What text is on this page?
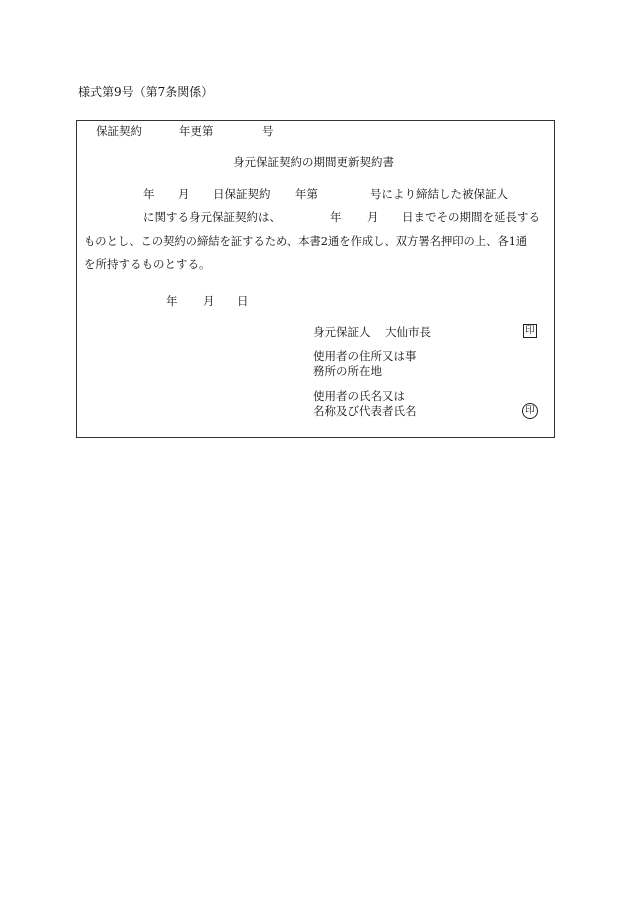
様式第9号（第7条関係）
保証契約	年更第	号
身元保証契約の期間更新契約書
年 月 日保証契約 年第	号により締結した被保証人
に関する身元保証契約は、	年 月 日までその期間を延長する
ものとし、この契約の締結を証するため、本書2通を作成し、双方署名押印の上、各1通
を所持するものとする。
年 月 日
身元保証人 大仙市長	印
使用者の住所又は事
務所の所在地
使用者の氏名又は
名称及び代表者氏名	印
